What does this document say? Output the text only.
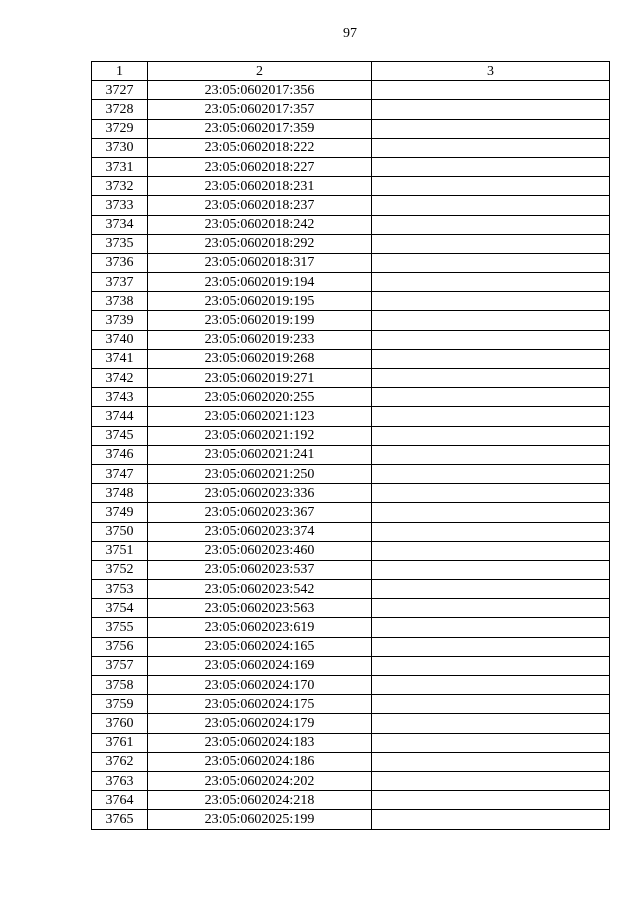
97
1	2	3
3727	23:05:0602017:356	
3728	23:05:0602017:357	
3729	23:05:0602017:359	
3730	23:05:0602018:222	
3731	23:05:0602018:227	
3732	23:05:0602018:231	
3733	23:05:0602018:237	
3734	23:05:0602018:242	
3735	23:05:0602018:292	
3736	23:05:0602018:317	
3737	23:05:0602019:194	
3738	23:05:0602019:195	
3739	23:05:0602019:199	
3740	23:05:0602019:233	
3741	23:05:0602019:268	
3742	23:05:0602019:271	
3743	23:05:0602020:255	
3744	23:05:0602021:123	
3745	23:05:0602021:192	
3746	23:05:0602021:241	
3747	23:05:0602021:250	
3748	23:05:0602023:336	
3749	23:05:0602023:367	
3750	23:05:0602023:374	
3751	23:05:0602023:460	
3752	23:05:0602023:537	
3753	23:05:0602023:542	
3754	23:05:0602023:563	
3755	23:05:0602023:619	
3756	23:05:0602024:165	
3757	23:05:0602024:169	
3758	23:05:0602024:170	
3759	23:05:0602024:175	
3760	23:05:0602024:179	
3761	23:05:0602024:183	
3762	23:05:0602024:186	
3763	23:05:0602024:202	
3764	23:05:0602024:218	
3765	23:05:0602025:199	
